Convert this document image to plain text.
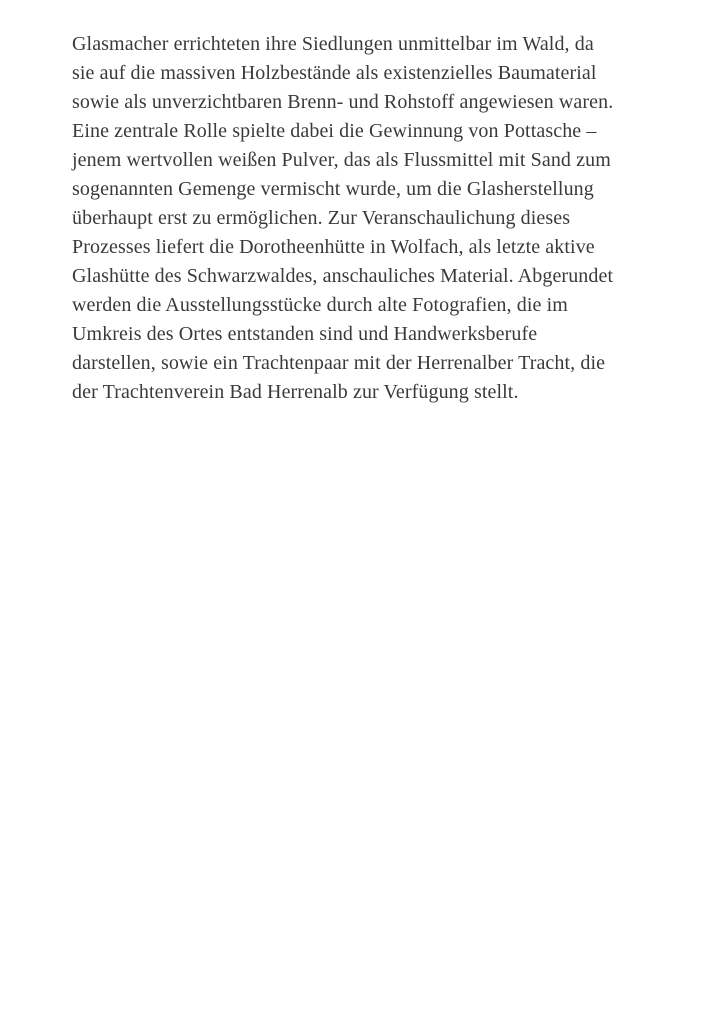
Glasmacher errichteten ihre Siedlungen unmittelbar im Wald, da
sie auf die massiven Holzbestände als existenzielles Baumaterial
sowie als unverzichtbaren Brenn- und Rohstoff angewiesen waren.
Eine zentrale Rolle spielte dabei die Gewinnung von Pottasche –
jenem wertvollen weißen Pulver, das als Flussmittel mit Sand zum
sogenannten Gemenge vermischt wurde, um die Glasherstellung
überhaupt erst zu ermöglichen. Zur Veranschaulichung dieses
Prozesses liefert die Dorotheenhütte in Wolfach, als letzte aktive
Glashütte des Schwarzwaldes, anschauliches Material. Abgerundet
werden die Ausstellungsstücke durch alte Fotografien, die im
Umkreis des Ortes entstanden sind und Handwerksberufe
darstellen, sowie ein Trachtenpaar mit der Herrenalber Tracht, die
der Trachtenverein Bad Herrenalb zur Verfügung stellt.
